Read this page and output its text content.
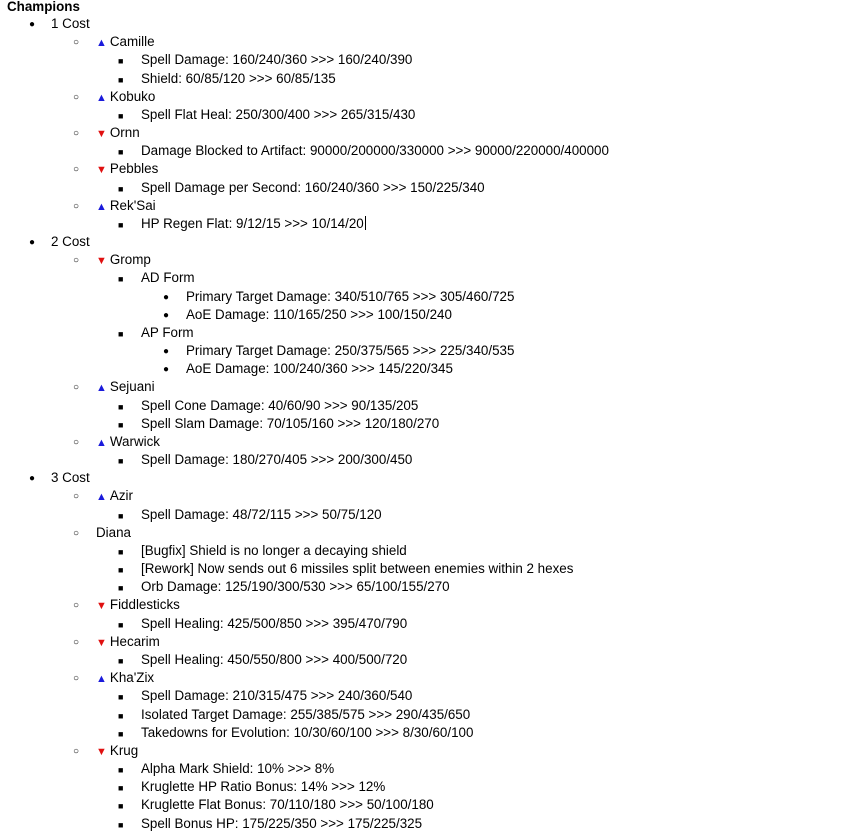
Champions
● 1 Cost
○ ▲ Camille
■ Spell Damage: 160/240/360 >>> 160/240/390
■ Shield: 60/85/120 >>> 60/85/135
○ ▲ Kobuko
■ Spell Flat Heal: 250/300/400 >>> 265/315/430
○ ▼ Ornn
■ Damage Blocked to Artifact: 90000/200000/330000 >>> 90000/220000/400000
○ ▼ Pebbles
■ Spell Damage per Second: 160/240/360 >>> 150/225/340
○ ▲ Rek'Sai
■ HP Regen Flat: 9/12/15 >>> 10/14/20
● 2 Cost
○ ▼ Gromp
■ AD Form
● Primary Target Damage: 340/510/765 >>> 305/460/725
● AoE Damage: 110/165/250 >>> 100/150/240
■ AP Form
● Primary Target Damage: 250/375/565 >>> 225/340/535
● AoE Damage: 100/240/360 >>> 145/220/345
○ ▲ Sejuani
■ Spell Cone Damage: 40/60/90 >>> 90/135/205
■ Spell Slam Damage: 70/105/160 >>> 120/180/270
○ ▲ Warwick
■ Spell Damage: 180/270/405 >>> 200/300/450
● 3 Cost
○ ▲ Azir
■ Spell Damage: 48/72/115 >>> 50/75/120
○ Diana
■ [Bugfix] Shield is no longer a decaying shield
■ [Rework] Now sends out 6 missiles split between enemies within 2 hexes
■ Orb Damage: 125/190/300/530 >>> 65/100/155/270
○ ▼ Fiddlesticks
■ Spell Healing: 425/500/850 >>> 395/470/790
○ ▼ Hecarim
■ Spell Healing: 450/550/800 >>> 400/500/720
○ ▲ Kha'Zix
■ Spell Damage: 210/315/475 >>> 240/360/540
■ Isolated Target Damage: 255/385/575 >>> 290/435/650
■ Takedowns for Evolution: 10/30/60/100 >>> 8/30/60/100
○ ▼ Krug
■ Alpha Mark Shield: 10% >>> 8%
■ Kruglette HP Ratio Bonus: 14% >>> 12%
■ Kruglette Flat Bonus: 70/110/180 >>> 50/100/180
■ Spell Bonus HP: 175/225/350 >>> 175/225/325
